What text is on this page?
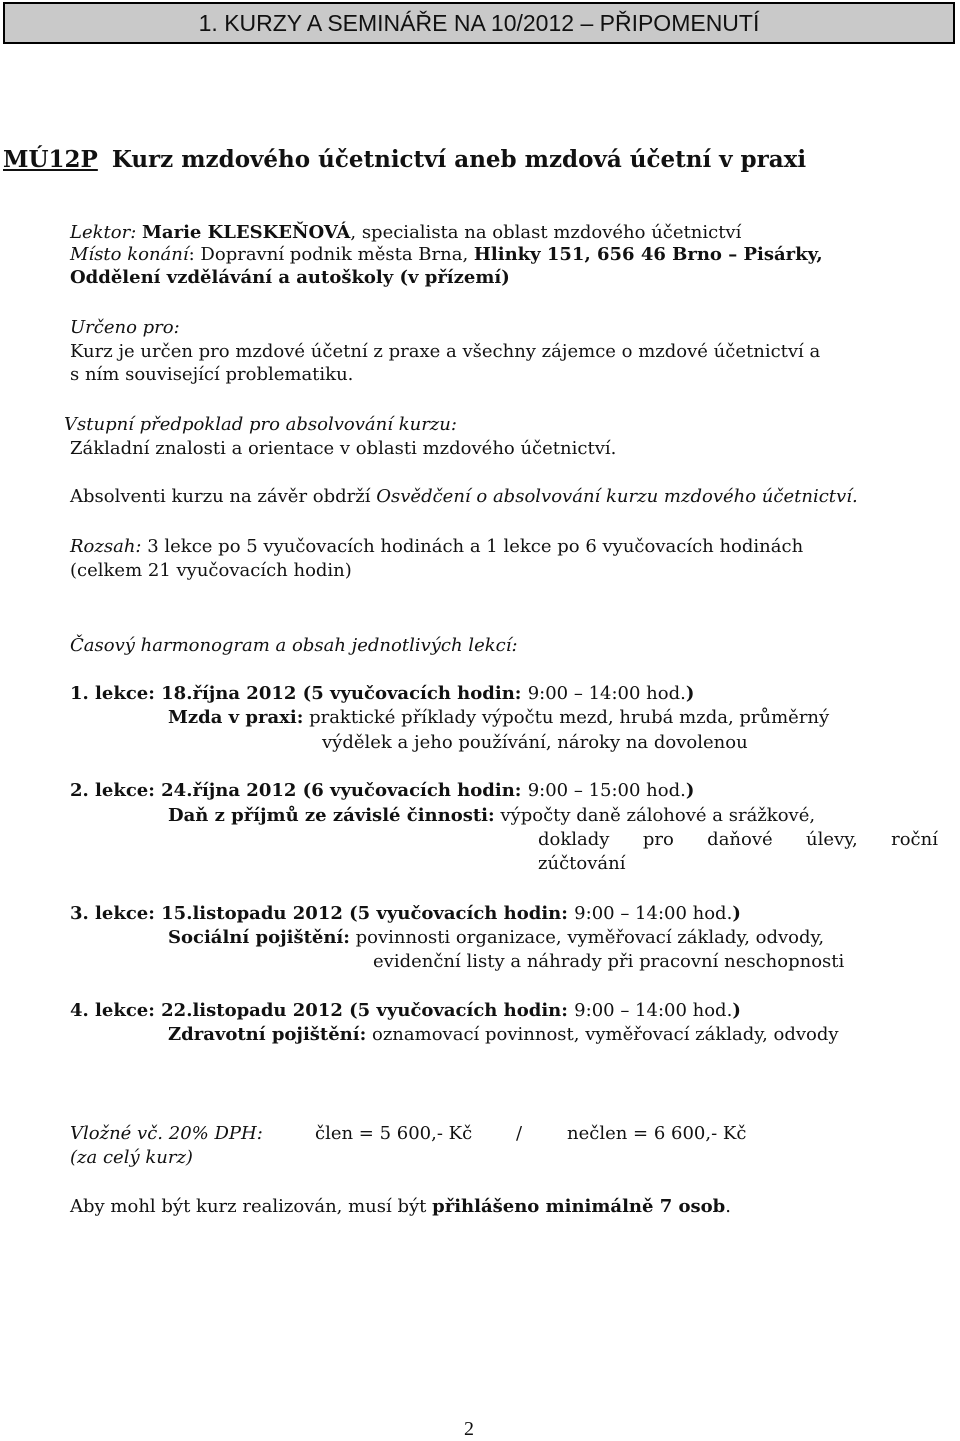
1. KURZY A SEMINÁŘE NA 10/2012 – PŘIPOMENUTÍ
MÚ12P Kurz mzdového účetnictví aneb mzdová účetní v praxi
Lektor: Marie KLESKEŇOVÁ, specialista na oblast mzdového účetnictví
Místo konání: Dopravní podnik města Brna, Hlinky 151, 656 46 Brno – Pisárky,
Oddělení vzdělávání a autoškoly (v přízemí)
Určeno pro:
Kurz je určen pro mzdové účetní z praxe a všechny zájemce o mzdové účetnictví a
s ním související problematiku.
Vstupní předpoklad pro absolvování kurzu:
Základní znalosti a orientace v oblasti mzdového účetnictví.
Absolventi kurzu na závěr obdrží Osvědčení o absolvování kurzu mzdového účetnictví.
Rozsah: 3 lekce po 5 vyučovacích hodinách a 1 lekce po 6 vyučovacích hodinách
(celkem 21 vyučovacích hodin)
Časový harmonogram a obsah jednotlivých lekcí:
1. lekce: 18.října 2012 (5 vyučovacích hodin: 9:00 – 14:00 hod.)
Mzda v praxi: praktické příklady výpočtu mezd, hrubá mzda, průměrný
výdělek a jeho používání, nároky na dovolenou
2. lekce: 24.října 2012 (6 vyučovacích hodin: 9:00 – 15:00 hod.)
Daň z příjmů ze závislé činnosti: výpočty daně zálohové a srážkové,
doklady pro daňové úlevy, roční
zúčtování
3. lekce: 15.listopadu 2012 (5 vyučovacích hodin: 9:00 – 14:00 hod.)
Sociální pojištění: povinnosti organizace, vyměřovací základy, odvody,
evidenční listy a náhrady při pracovní neschopnosti
4. lekce: 22.listopadu 2012 (5 vyučovacích hodin: 9:00 – 14:00 hod.)
Zdravotní pojištění: oznamovací povinnost, vyměřovací základy, odvody
Vložné vč. 20% DPH:	člen = 5 600,- Kč / nečlen = 6 600,- Kč
(za celý kurz)
Aby mohl být kurz realizován, musí být přihlášeno minimálně 7 osob.
2
